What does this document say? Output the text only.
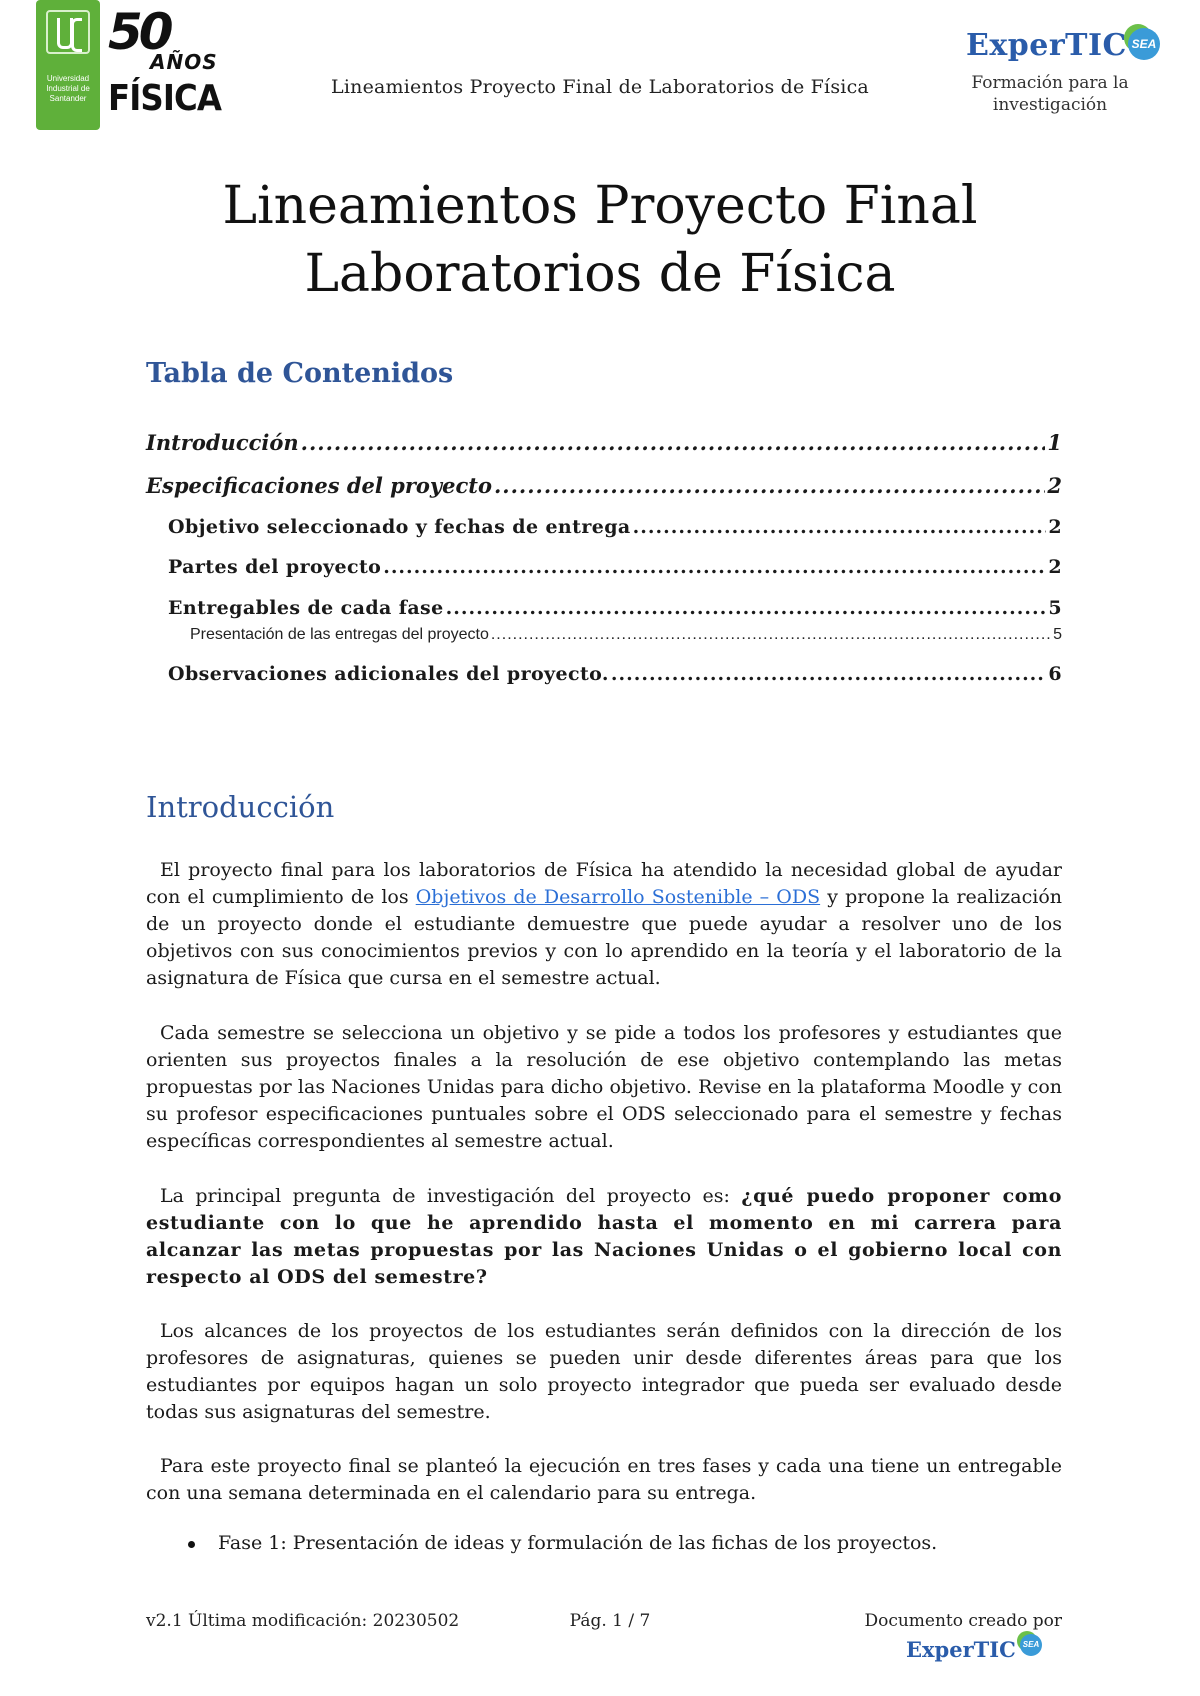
Universidad Industrial de Santander
50
AÑOS
FÍSICA	Lineamientos Proyecto Final de Laboratorios de Física
ExperTIC SEA
Formación para la investigación
Lineamientos Proyecto Final
Laboratorios de Física
Tabla de Contenidos
Introducción .....	1
Especificaciones del proyecto .....	2
Objetivo seleccionado y fechas de entrega .....	2
Partes del proyecto .....	2
Entregables de cada fase .....	5
Presentación de las entregas del proyecto .....	5
Observaciones adicionales del proyecto. .....	6
Introducción

El proyecto final para los laboratorios de Física ha atendido la necesidad global de ayudar con el cumplimiento de los Objetivos de Desarrollo Sostenible – ODS y propone la realización de un proyecto donde el estudiante demuestre que puede ayudar a resolver uno de los objetivos con sus conocimientos previos y con lo aprendido en la teoría y el laboratorio de la asignatura de Física que cursa en el semestre actual.

Cada semestre se selecciona un objetivo y se pide a todos los profesores y estudiantes que orienten sus proyectos finales a la resolución de ese objetivo contemplando las metas propuestas por las Naciones Unidas para dicho objetivo. Revise en la plataforma Moodle y con su profesor especificaciones puntuales sobre el ODS seleccionado para el semestre y fechas específicas correspondientes al semestre actual.

La principal pregunta de investigación del proyecto es: ¿qué puedo proponer como estudiante con lo que he aprendido hasta el momento en mi carrera para alcanzar las metas propuestas por las Naciones Unidas o el gobierno local con respecto al ODS del semestre?

Los alcances de los proyectos de los estudiantes serán definidos con la dirección de los profesores de asignaturas, quienes se pueden unir desde diferentes áreas para que los estudiantes por equipos hagan un solo proyecto integrador que pueda ser evaluado desde todas sus asignaturas del semestre.

Para este proyecto final se planteó la ejecución en tres fases y cada una tiene un entregable con una semana determinada en el calendario para su entrega.

Fase 1: Presentación de ideas y formulación de las fichas de los proyectos.
v2.1 Última modificación: 20230502	Pág. 1 / 7	Documento creado por
ExperTIC SEA
